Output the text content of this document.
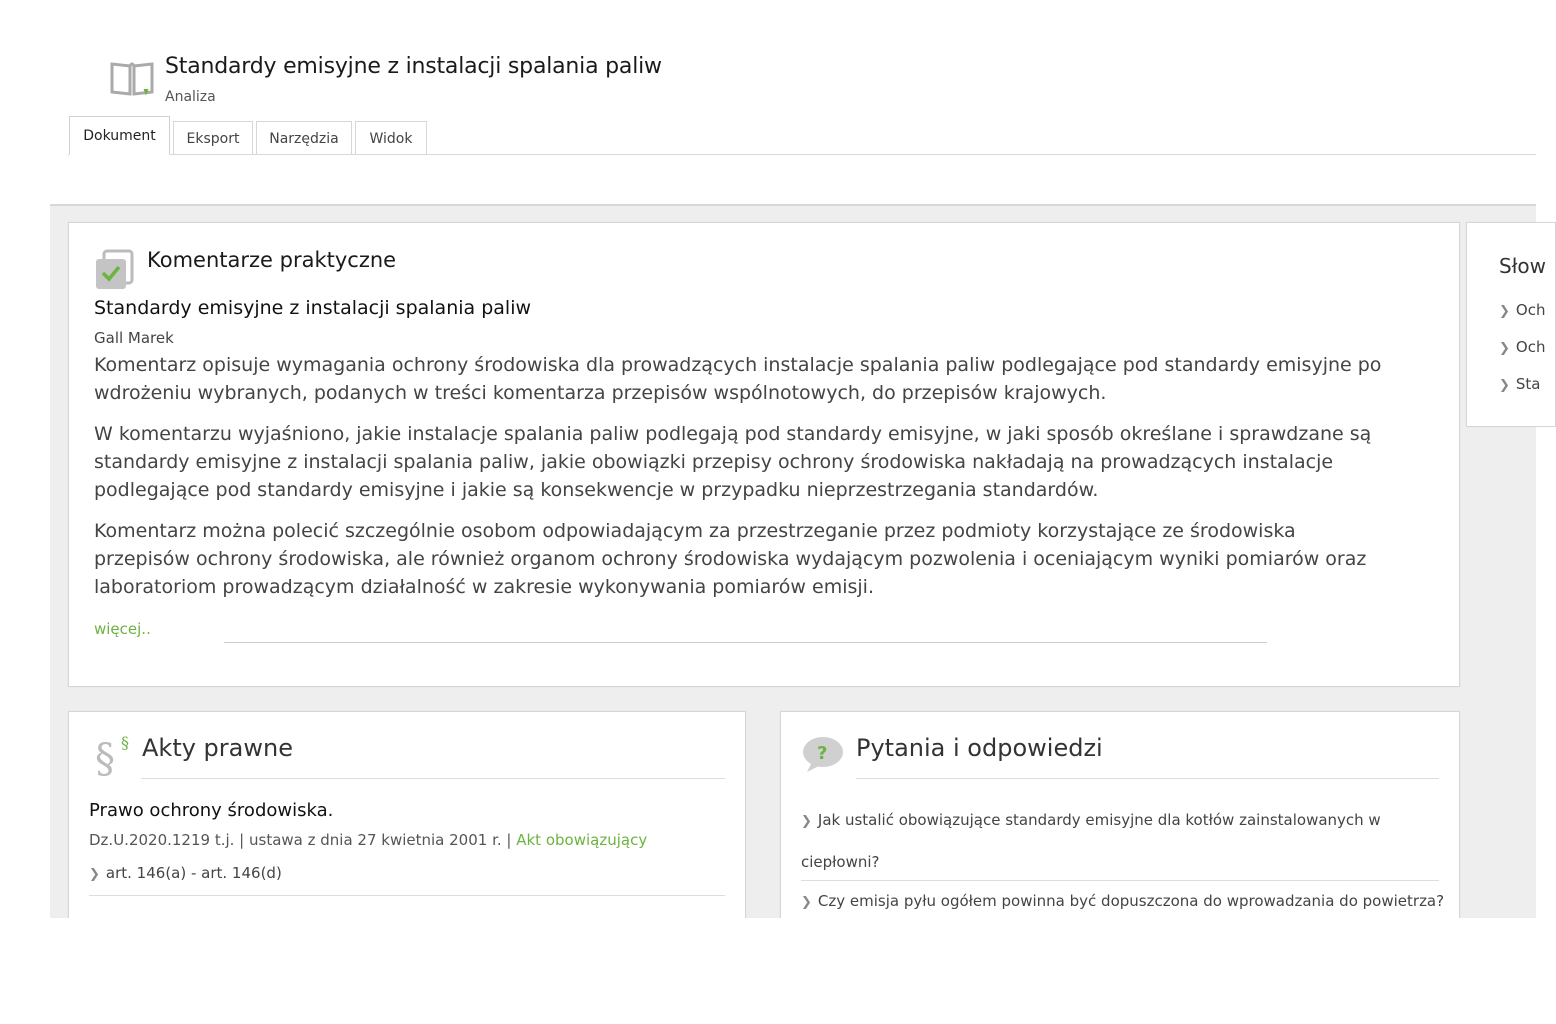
Standardy emisyjne z instalacji spalania paliw
Analiza
Dokument	Eksport	Narzędzia	Widok
Komentarze praktyczne
Standardy emisyjne z instalacji spalania paliw
Gall Marek

Komentarz opisuje wymagania ochrony środowiska dla prowadzących instalacje spalania paliw podlegające pod standardy emisyjne po wdrożeniu wybranych, podanych w treści komentarza przepisów wspólnotowych, do przepisów krajowych.

W komentarzu wyjaśniono, jakie instalacje spalania paliw podlegają pod standardy emisyjne, w jaki sposób określane i sprawdzane są standardy emisyjne z instalacji spalania paliw, jakie obowiązki przepisy ochrony środowiska nakładają na prowadzących instalacje podlegające pod standardy emisyjne i jakie są konsekwencje w przypadku nieprzestrzegania standardów.

Komentarz można polecić szczególnie osobom odpowiadającym za przestrzeganie przez podmioty korzystające ze środowiska przepisów ochrony środowiska, ale również organom ochrony środowiska wydającym pozwolenia i oceniającym wyniki pomiarów oraz laboratoriom prowadzącym działalność w zakresie wykonywania pomiarów emisji.

więcej..
§ § Akty prawne
Prawo ochrony środowiska.
Dz.U.2020.1219 t.j. | ustawa z dnia 27 kwietnia 2001 r. | Akt obowiązujący
❯ art. 146(a) - art. 146(d)
? Pytania i odpowiedzi
❯ Jak ustalić obowiązujące standardy emisyjne dla kotłów zainstalowanych w ciepłowni?
❯ Czy emisja pyłu ogółem powinna być dopuszczona do wprowadzania do powietrza?
Słow
❯ Och
❯ Och
❯ Sta
